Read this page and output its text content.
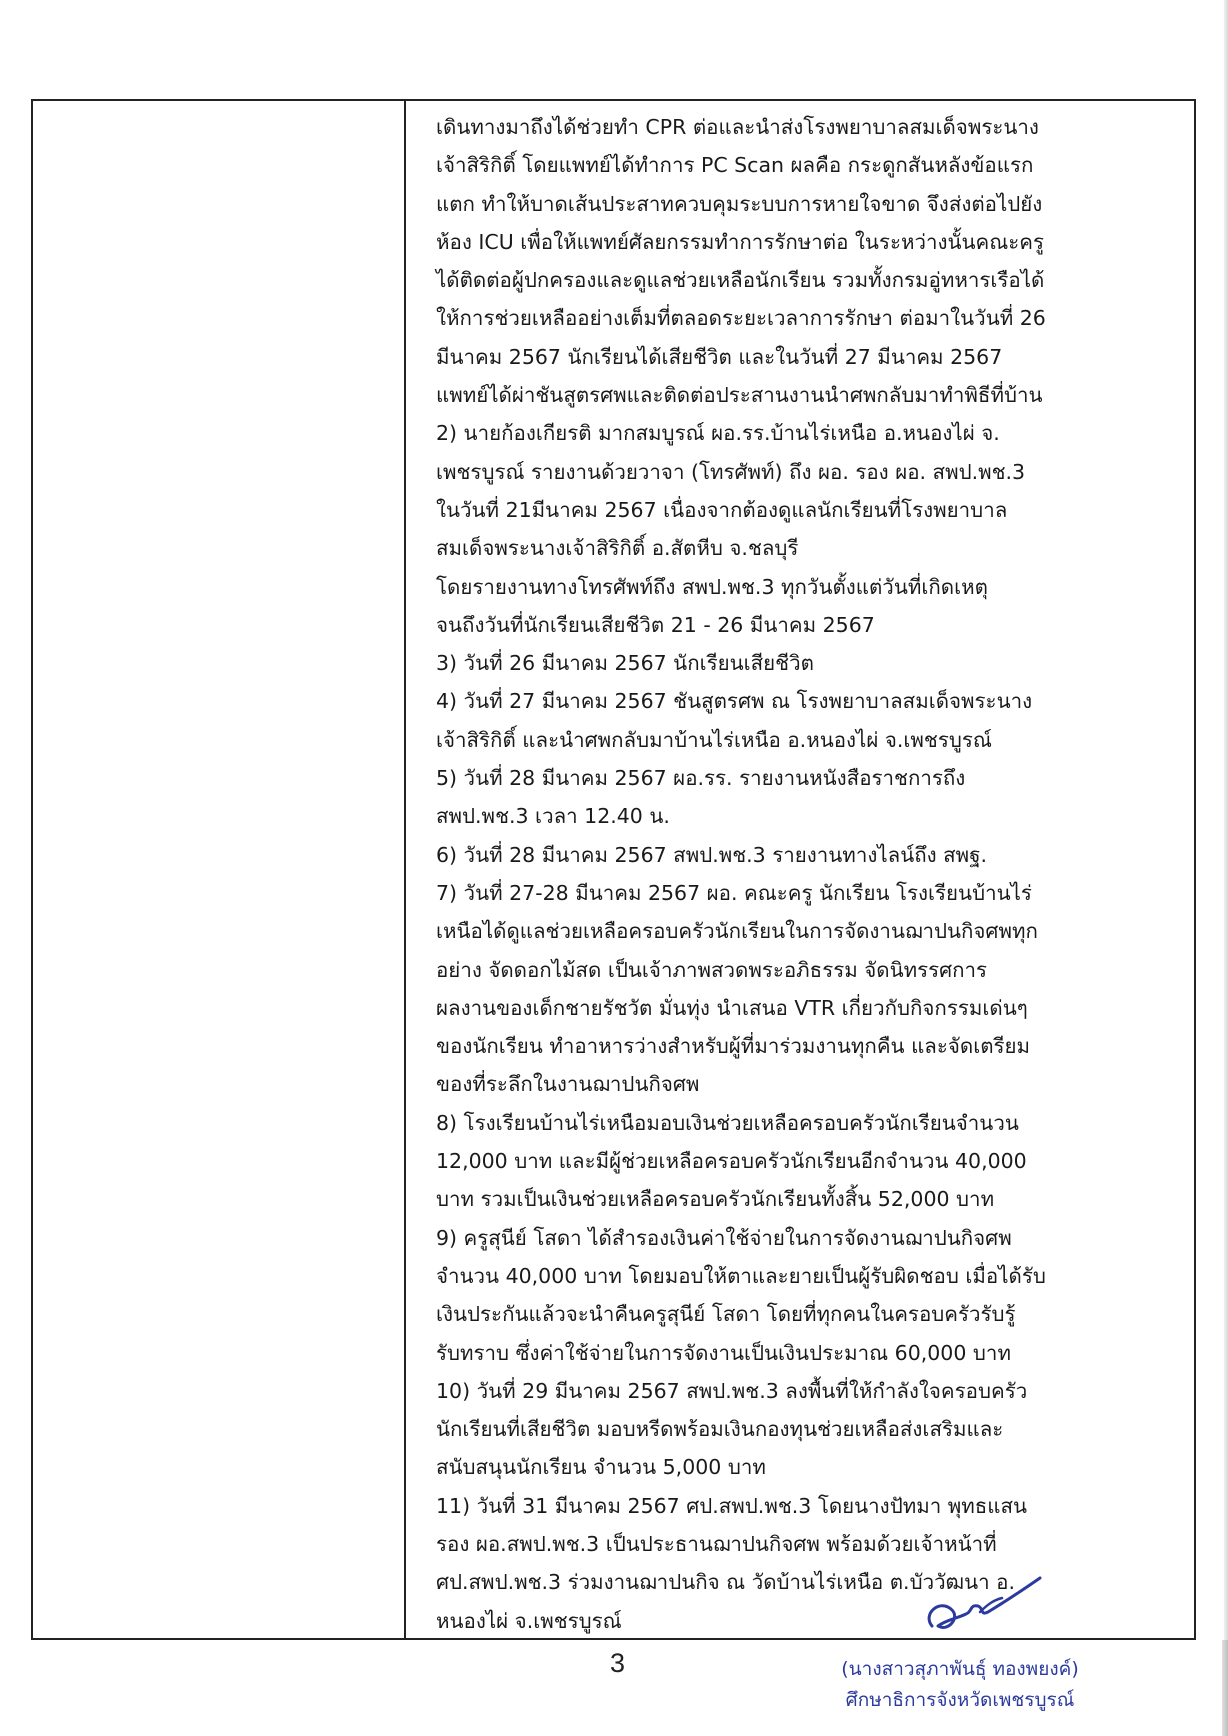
เดินทางมาถึงได้ช่วยทำ CPR ต่อและนำส่งโรงพยาบาลสมเด็จพระนาง
เจ้าสิริกิติ์ โดยแพทย์ได้ทำการ PC Scan ผลคือ กระดูกสันหลังข้อแรก
แตก ทำให้บาดเส้นประสาทควบคุมระบบการหายใจขาด จึงส่งต่อไปยัง
ห้อง ICU เพื่อให้แพทย์ศัลยกรรมทำการรักษาต่อ ในระหว่างนั้นคณะครู
ได้ติดต่อผู้ปกครองและดูแลช่วยเหลือนักเรียน รวมทั้งกรมอู่ทหารเรือได้
ให้การช่วยเหลืออย่างเต็มที่ตลอดระยะเวลาการรักษา ต่อมาในวันที่ 26
มีนาคม 2567 นักเรียนได้เสียชีวิต และในวันที่ 27 มีนาคม 2567
แพทย์ได้ผ่าชันสูตรศพและติดต่อประสานงานนำศพกลับมาทำพิธีที่บ้าน
2) นายก้องเกียรติ มากสมบูรณ์ ผอ.รร.บ้านไร่เหนือ อ.หนองไผ่ จ.
เพชรบูรณ์ รายงานด้วยวาจา (โทรศัพท์) ถึง ผอ. รอง ผอ. สพป.พช.3
ในวันที่ 21มีนาคม 2567 เนื่องจากต้องดูแลนักเรียนที่โรงพยาบาล
สมเด็จพระนางเจ้าสิริกิติ์ อ.สัตหีบ จ.ชลบุรี
โดยรายงานทางโทรศัพท์ถึง สพป.พช.3 ทุกวันตั้งแต่วันที่เกิดเหตุ
จนถึงวันที่นักเรียนเสียชีวิต 21 - 26 มีนาคม 2567
3) วันที่ 26 มีนาคม 2567 นักเรียนเสียชีวิต
4) วันที่ 27 มีนาคม 2567 ชันสูตรศพ ณ โรงพยาบาลสมเด็จพระนาง
เจ้าสิริกิติ์ และนำศพกลับมาบ้านไร่เหนือ อ.หนองไผ่ จ.เพชรบูรณ์
5) วันที่ 28 มีนาคม 2567 ผอ.รร. รายงานหนังสือราชการถึง
สพป.พช.3 เวลา 12.40 น.
6) วันที่ 28 มีนาคม 2567 สพป.พช.3 รายงานทางไลน์ถึง สพฐ.
7) วันที่ 27-28 มีนาคม 2567 ผอ. คณะครู นักเรียน โรงเรียนบ้านไร่
เหนือได้ดูแลช่วยเหลือครอบครัวนักเรียนในการจัดงานฌาปนกิจศพทุก
อย่าง จัดดอกไม้สด เป็นเจ้าภาพสวดพระอภิธรรม จัดนิทรรศการ
ผลงานของเด็กชายรัชวัต มั่นทุ่ง นำเสนอ VTR เกี่ยวกับกิจกรรมเด่นๆ
ของนักเรียน ทำอาหารว่างสำหรับผู้ที่มาร่วมงานทุกคืน และจัดเตรียม
ของที่ระลึกในงานฌาปนกิจศพ
8) โรงเรียนบ้านไร่เหนือมอบเงินช่วยเหลือครอบครัวนักเรียนจำนวน
12,000 บาท และมีผู้ช่วยเหลือครอบครัวนักเรียนอีกจำนวน 40,000
บาท รวมเป็นเงินช่วยเหลือครอบครัวนักเรียนทั้งสิ้น 52,000 บาท
9) ครูสุนีย์ โสดา ได้สำรองเงินค่าใช้จ่ายในการจัดงานฌาปนกิจศพ
จำนวน 40,000 บาท โดยมอบให้ตาและยายเป็นผู้รับผิดชอบ เมื่อได้รับ
เงินประกันแล้วจะนำคืนครูสุนีย์ โสดา โดยที่ทุกคนในครอบครัวรับรู้
รับทราบ ซึ่งค่าใช้จ่ายในการจัดงานเป็นเงินประมาณ 60,000 บาท
10) วันที่ 29 มีนาคม 2567 สพป.พช.3 ลงพื้นที่ให้กำลังใจครอบครัว
นักเรียนที่เสียชีวิต มอบหรีดพร้อมเงินกองทุนช่วยเหลือส่งเสริมและ
สนับสนุนนักเรียน จำนวน 5,000 บาท
11) วันที่ 31 มีนาคม 2567 ศป.สพป.พช.3 โดยนางปัทมา พุทธแสน
รอง ผอ.สพป.พช.3 เป็นประธานฌาปนกิจศพ พร้อมด้วยเจ้าหน้าที่
ศป.สพป.พช.3 ร่วมงานฌาปนกิจ ณ วัดบ้านไร่เหนือ ต.บัววัฒนา อ.
หนองไผ่ จ.เพชรบูรณ์
3	(นางสาวสุภาพันธุ์ ทองพยงค์)
ศึกษาธิการจังหวัดเพชรบูรณ์
